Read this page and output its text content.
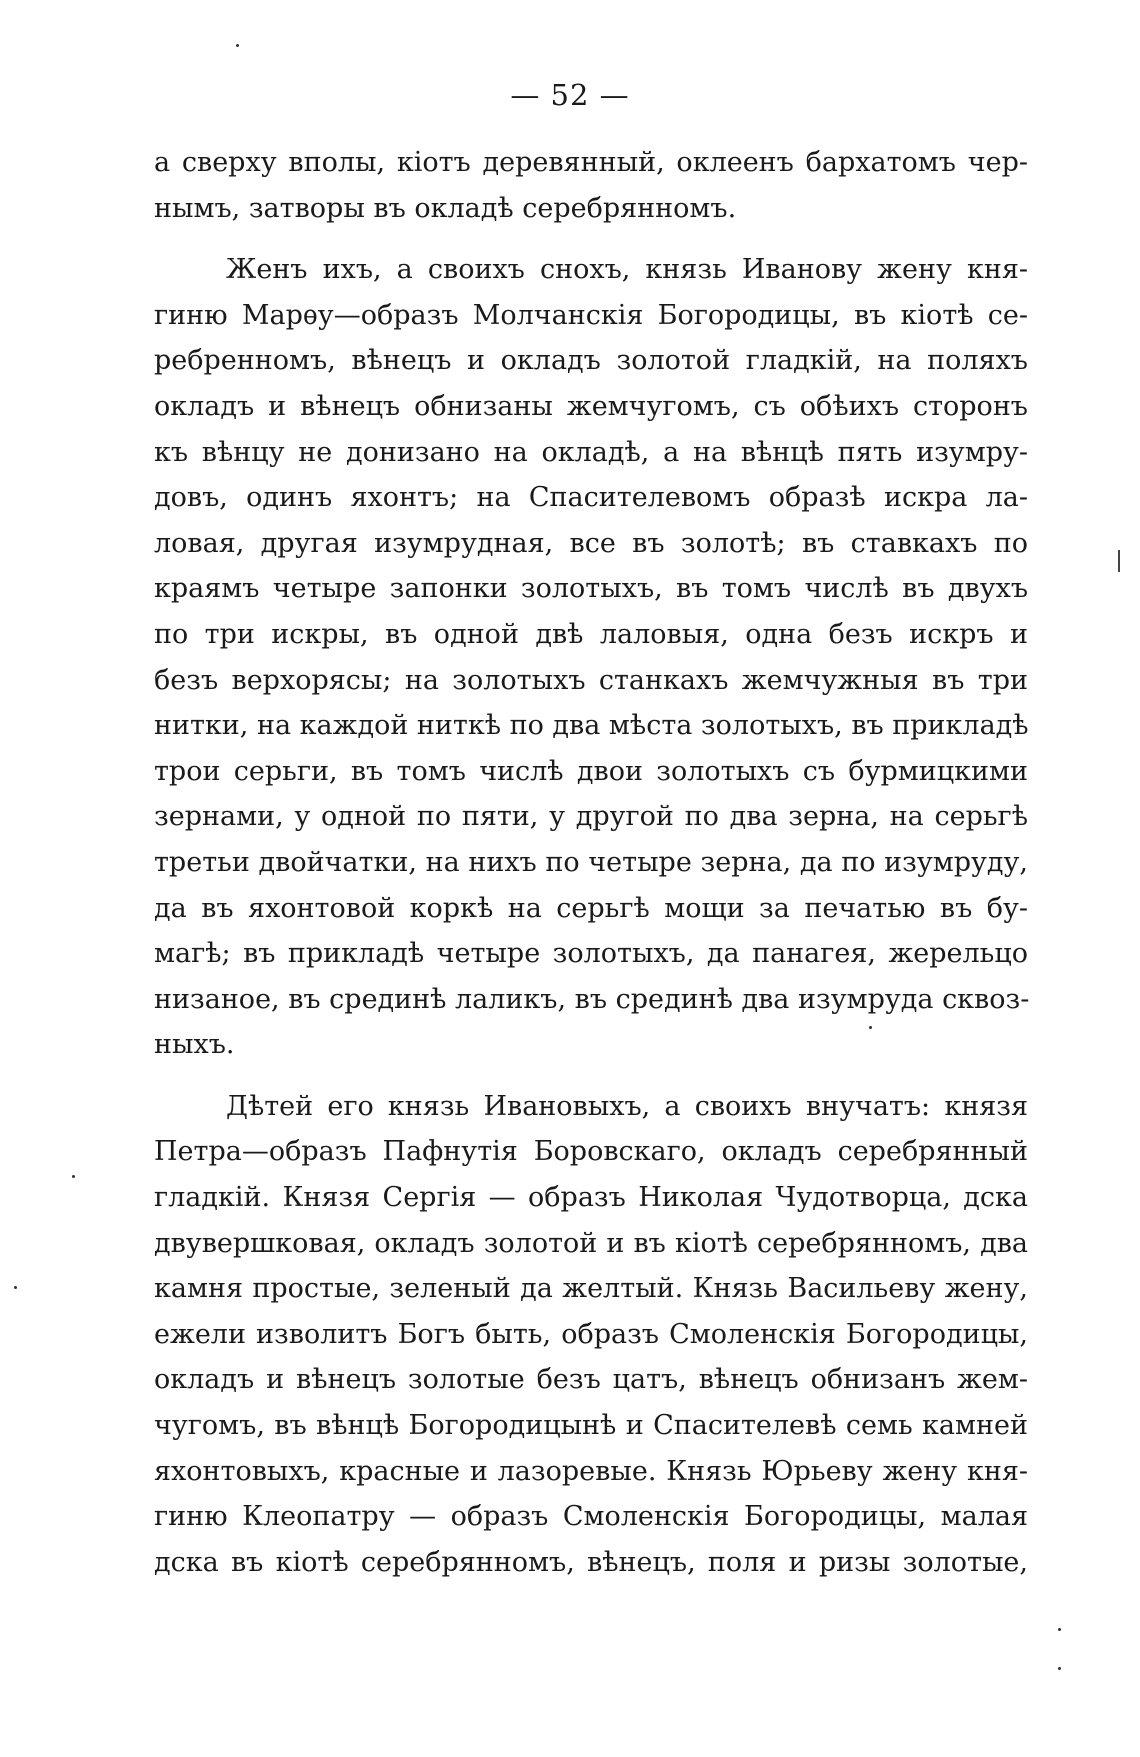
— 52 —
а сверху вполы, кіотъ деревянный, оклеенъ бархатомъ чер-
нымъ, затворы въ окладѣ серебрянномъ.
Женъ ихъ, а своихъ снохъ, князь Иванову жену кня-
гиню Марѳу—образъ Молчанскія Богородицы, въ кіотѣ се-
ребренномъ, вѣнецъ и окладъ золотой гладкій, на поляхъ
окладъ и вѣнецъ обнизаны жемчугомъ, съ обѣихъ сторонъ
къ вѣнцу не донизано на окладѣ, а на вѣнцѣ пять изумру-
довъ, одинъ яхонтъ; на Спасителевомъ образѣ искра ла-
ловая, другая изумрудная, все въ золотѣ; въ ставкахъ по
краямъ четыре запонки золотыхъ, въ томъ числѣ въ двухъ
по три искры, въ одной двѣ лаловыя, одна безъ искръ и
безъ верхорясы; на золотыхъ станкахъ жемчужныя въ три
нитки, на каждой ниткѣ по два мѣста золотыхъ, въ прикладѣ
трои серьги, въ томъ числѣ двои золотыхъ съ бурмицкими
зернами, у одной по пяти, у другой по два зерна, на серьгѣ
третьи двойчатки, на нихъ по четыре зерна, да по изумруду,
да въ яхонтовой коркѣ на серьгѣ мощи за печатью въ бу-
магѣ; въ прикладѣ четыре золотыхъ, да панагея, жерельцо
низаное, въ срединѣ лаликъ, въ срединѣ два изумруда сквоз-
ныхъ.
Дѣтей его князь Ивановыхъ, а своихъ внучатъ: князя
Петра—образъ Пафнутія Боровскаго, окладъ серебрянный
гладкій. Князя Сергія — образъ Николая Чудотворца, дска
двувершковая, окладъ золотой и въ кіотѣ серебрянномъ, два
камня простые, зеленый да желтый. Князь Васильеву жену,
ежели изволитъ Богъ быть, образъ Смоленскія Богородицы,
окладъ и вѣнецъ золотые безъ цатъ, вѣнецъ обнизанъ жем-
чугомъ, въ вѣнцѣ Богородицынѣ и Спасителевѣ семь камней
яхонтовыхъ, красные и лазоревые. Князь Юрьеву жену кня-
гиню Клеопатру — образъ Смоленскія Богородицы, малая
дска въ кіотѣ серебрянномъ, вѣнецъ, поля и ризы золотые,
